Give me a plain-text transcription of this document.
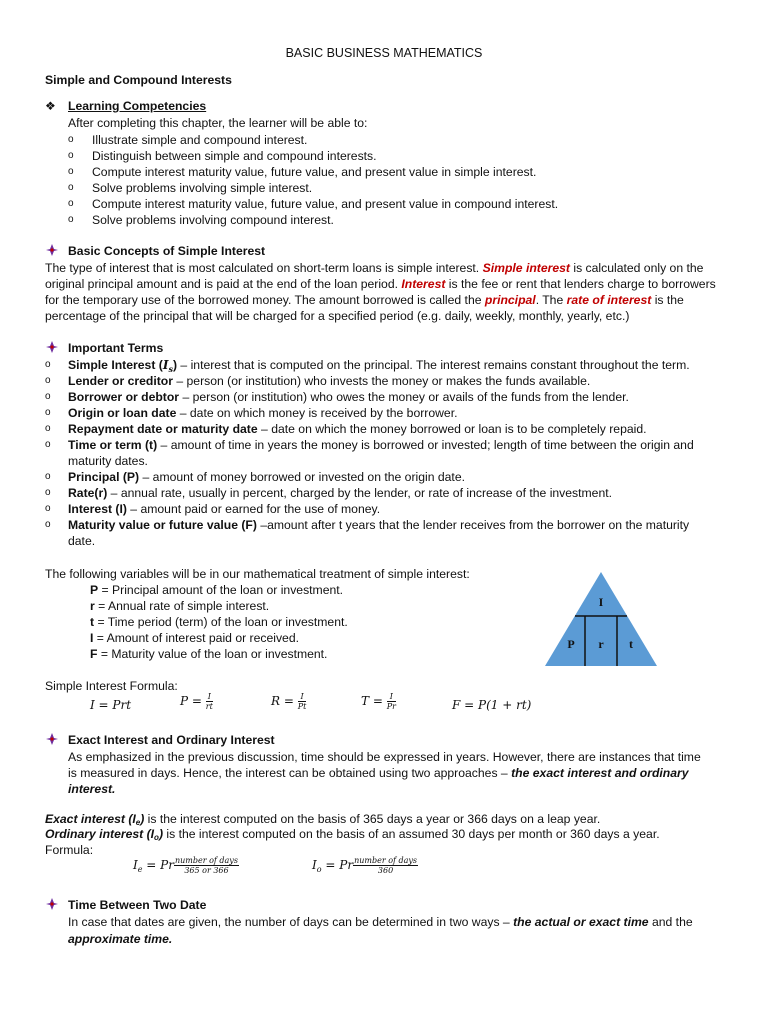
BASIC BUSINESS MATHEMATICS
Simple and Compound Interests
❖ Learning Competencies
After completing this chapter, the learner will be able to:
o Illustrate simple and compound interest.
o Distinguish between simple and compound interests.
o Compute interest maturity value, future value, and present value in simple interest.
o Solve problems involving simple interest.
o Compute interest maturity value, future value, and present value in compound interest.
o Solve problems involving compound interest.
Basic Concepts of Simple Interest
The type of interest that is most calculated on short-term loans is simple interest. Simple interest is calculated only on the
original principal amount and is paid at the end of the loan period. Interest is the fee or rent that lenders charge to borrowers
for the temporary use of the borrowed money. The amount borrowed is called the principal. The rate of interest is the
percentage of the principal that will be charged for a specified period (e.g. daily, weekly, monthly, yearly, etc.)
Important Terms
o Simple Interest $(I_s)$ – interest that is computed on the principal. The interest remains constant throughout the term.
o Lender or creditor – person (or institution) who invests the money or makes the funds available.
o Borrower or debtor – person (or institution) who owes the money or avails of the funds from the lender.
o Origin or loan date – date on which money is received by the borrower.
o Repayment date or maturity date – date on which the money borrowed or loan is to be completely repaid.
o Time or term (t) – amount of time in years the money is borrowed or invested; length of time between the origin and
maturity dates.
o Principal (P) – amount of money borrowed or invested on the origin date.
o Rate(r) – annual rate, usually in percent, charged by the lender, or rate of increase of the investment.
o Interest (I) – amount paid or earned for the use of money.
o Maturity value or future value (F) –amount after t years that the lender receives from the borrower on the maturity
date.
The following variables will be in our mathematical treatment of simple interest:
P = Principal amount of the loan or investment.
r = Annual rate of simple interest.
t = Time period (term) of the loan or investment.
I = Amount of interest paid or received.
F = Maturity value of the loan or investment.
I
P r t
Simple Interest Formula:
I = Prt	$P = \frac{I}{rt}$	$R = \frac{I}{Pt}$	$T = \frac{I}{Pr}$	F = P(1 + rt)
Exact Interest and Ordinary Interest
As emphasized in the previous discussion, time should be expressed in years. However, there are instances that time
is measured in days. Hence, the interest can be obtained using two approaches – the exact interest and ordinary
interest.
Exact interest (Ie) is the interest computed on the basis of 365 days a year or 366 days on a leap year.
Ordinary interest (Io) is the interest computed on the basis of an assumed 30 days per month or 360 days a year.
Formula:
$I_e = Pr \frac{\text{number of days}}{365 or 366}$	$I_o = Pr \frac{\text{number of days}}{360}$
Time Between Two Date
In case that dates are given, the number of days can be determined in two ways – the actual or exact time and the
approximate time.
